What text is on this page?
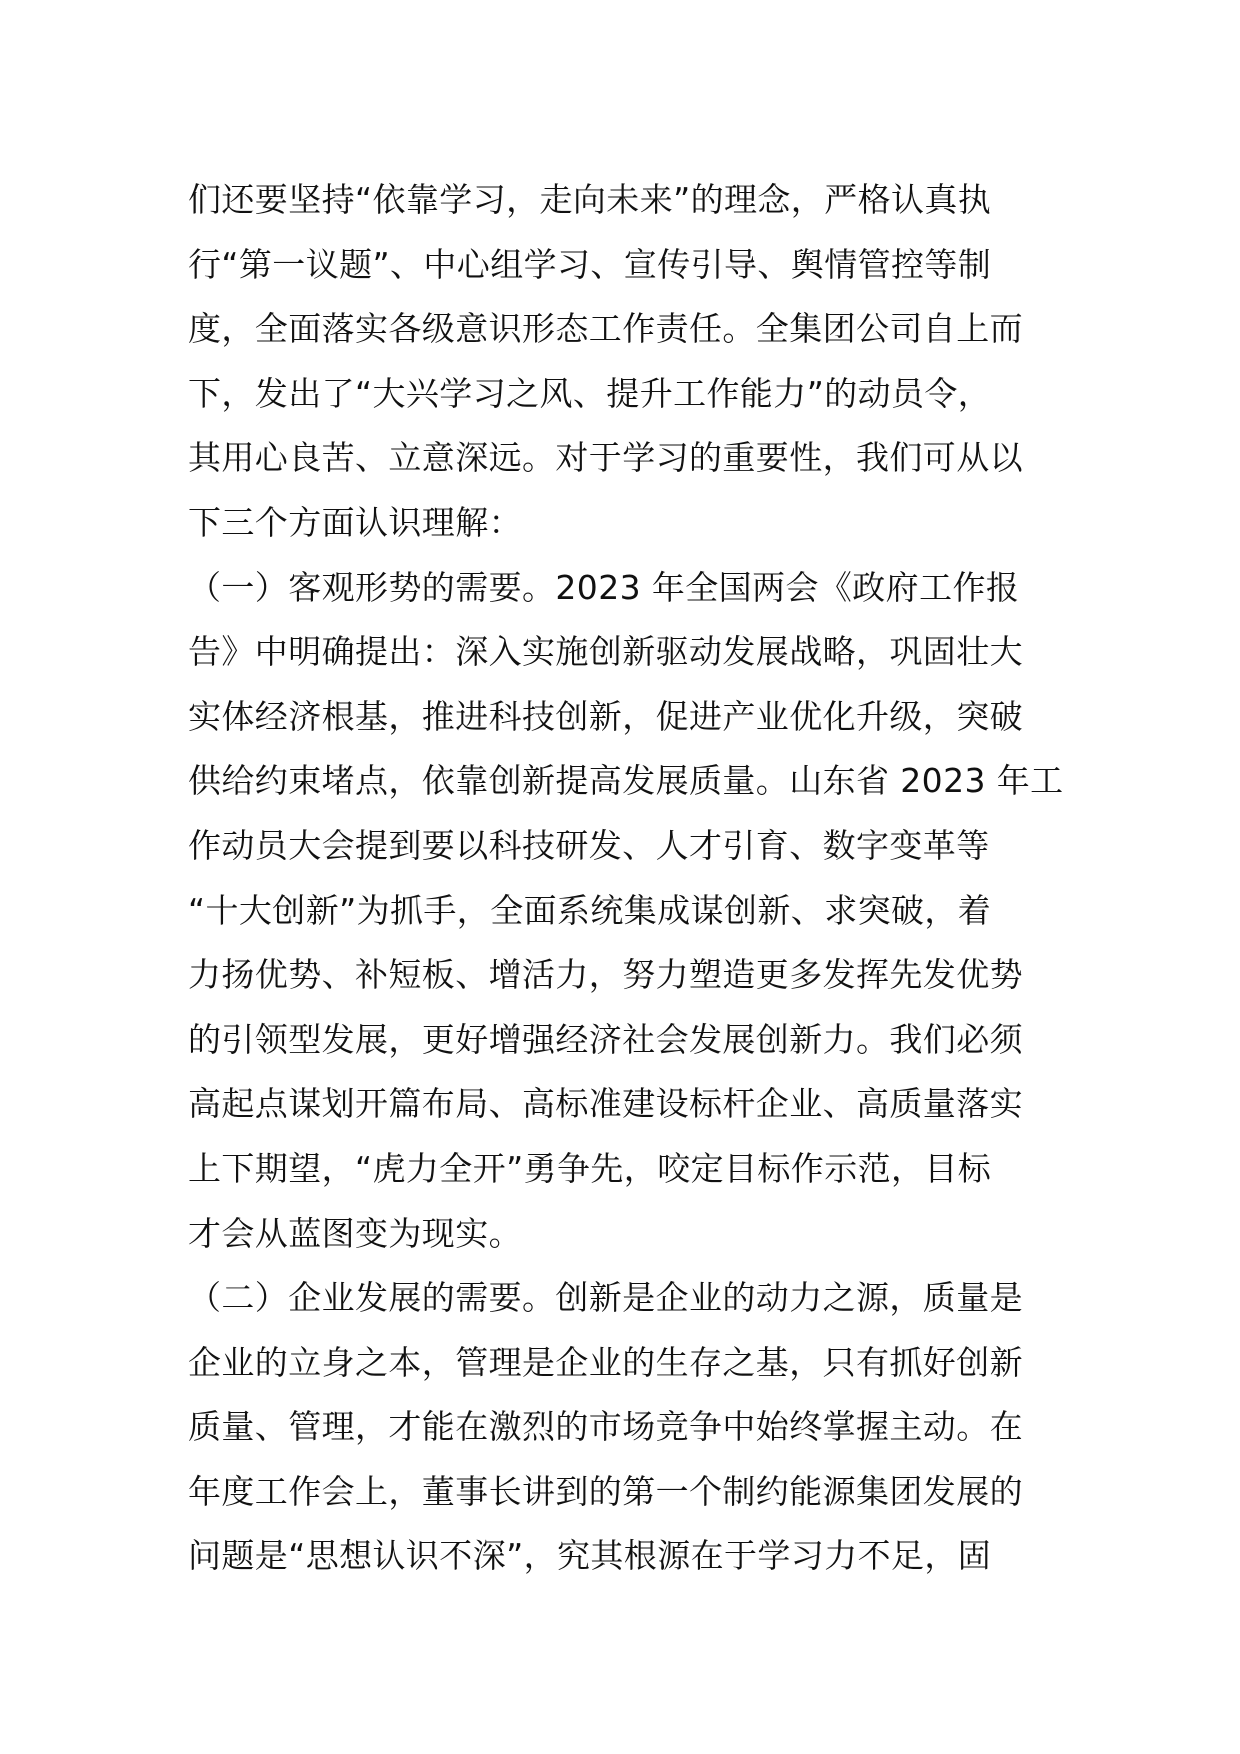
们还要坚持“依靠学习，走向未来”的理念，严格认真执
行“第一议题”、中心组学习、宣传引导、舆情管控等制
度，全面落实各级意识形态工作责任。全集团公司自上而
下，发出了“大兴学习之风、提升工作能力”的动员令，
其用心良苦、立意深远。对于学习的重要性，我们可从以
下三个方面认识理解：
（一）客观形势的需要。2023 年全国两会《政府工作报
告》中明确提出：深入实施创新驱动发展战略，巩固壮大
实体经济根基，推进科技创新，促进产业优化升级，突破
供给约束堵点，依靠创新提高发展质量。山东省 2023 年工
作动员大会提到要以科技研发、人才引育、数字变革等
“十大创新”为抓手，全面系统集成谋创新、求突破，着
力扬优势、补短板、增活力，努力塑造更多发挥先发优势
的引领型发展，更好增强经济社会发展创新力。我们必须
高起点谋划开篇布局、高标准建设标杆企业、高质量落实
上下期望，“虎力全开”勇争先，咬定目标作示范，目标
才会从蓝图变为现实。
（二）企业发展的需要。创新是企业的动力之源，质量是
企业的立身之本，管理是企业的生存之基，只有抓好创新
质量、管理，才能在激烈的市场竞争中始终掌握主动。在
年度工作会上，董事长讲到的第一个制约能源集团发展的
问题是“思想认识不深”，究其根源在于学习力不足，固
